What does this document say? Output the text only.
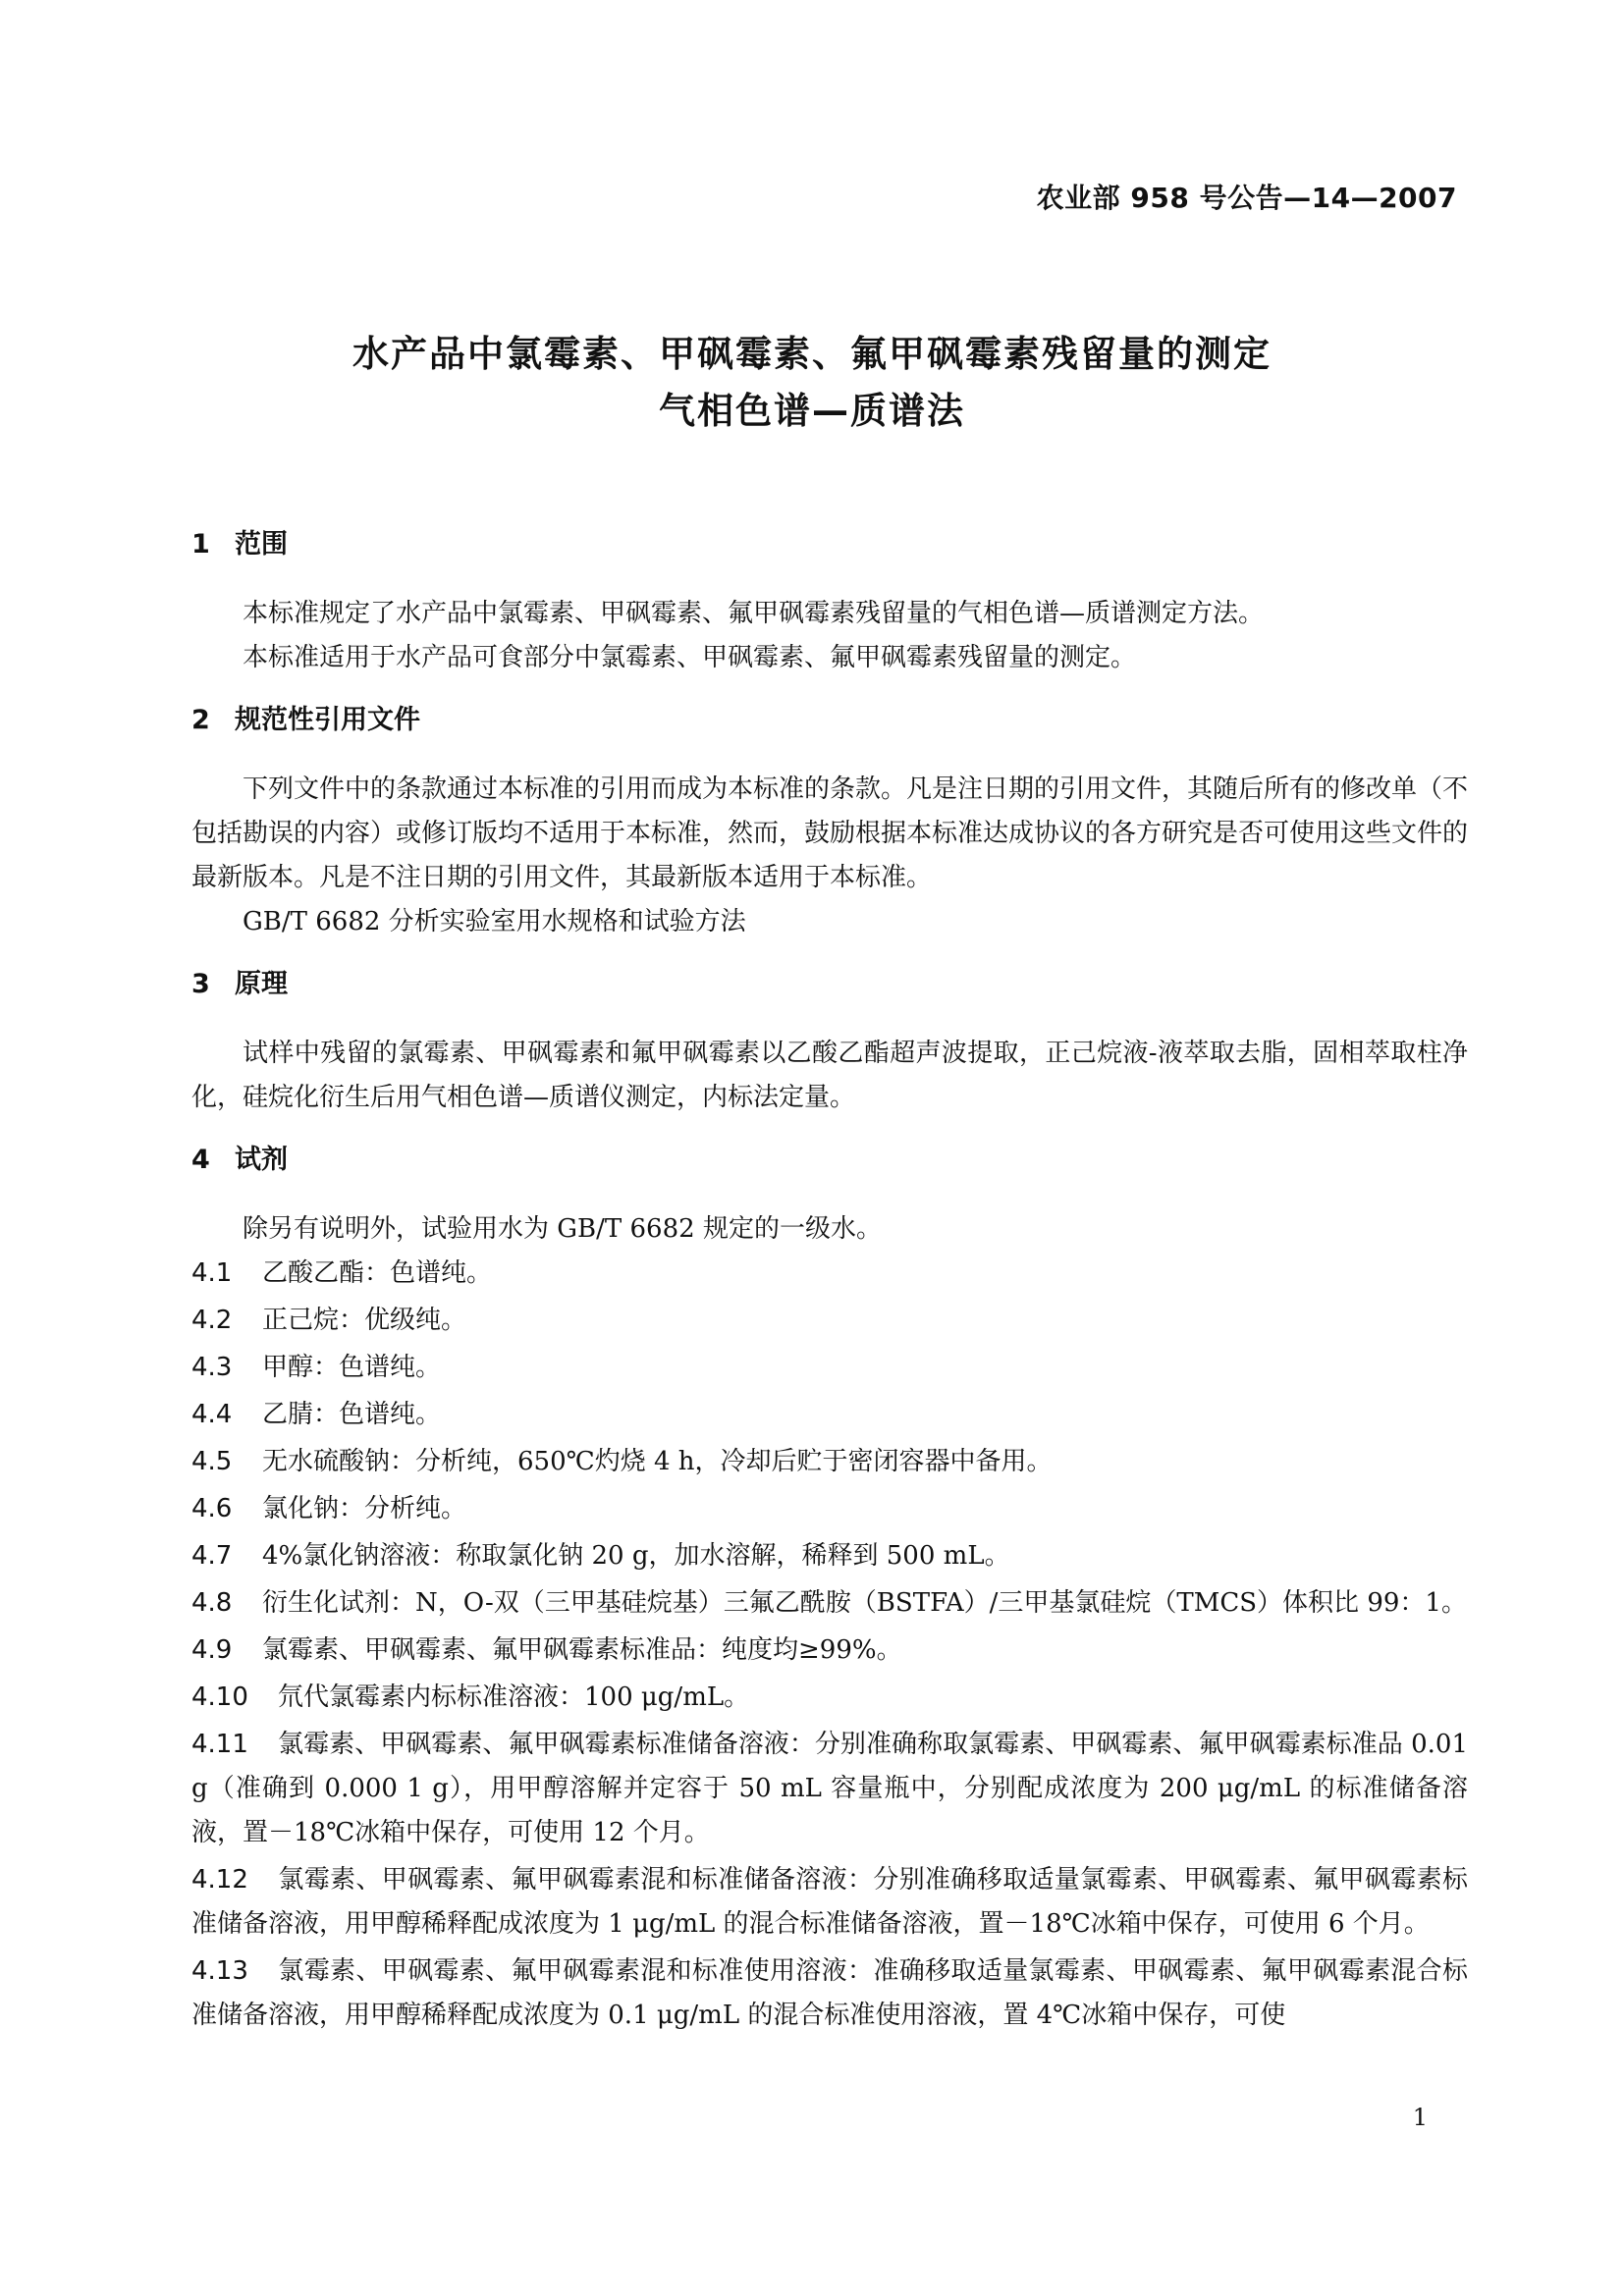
农业部 958 号公告—14—2007
水产品中氯霉素、甲砜霉素、氟甲砜霉素残留量的测定
气相色谱—质谱法
1 范围

本标准规定了水产品中氯霉素、甲砜霉素、氟甲砜霉素残留量的气相色谱—质谱测定方法。

本标准适用于水产品可食部分中氯霉素、甲砜霉素、氟甲砜霉素残留量的测定。

2 规范性引用文件

下列文件中的条款通过本标准的引用而成为本标准的条款。凡是注日期的引用文件，其随后所有的修改单（不包括勘误的内容）或修订版均不适用于本标准，然而，鼓励根据本标准达成协议的各方研究是否可使用这些文件的最新版本。凡是不注日期的引用文件，其最新版本适用于本标准。

GB/T 6682 分析实验室用水规格和试验方法

3 原理

试样中残留的氯霉素、甲砜霉素和氟甲砜霉素以乙酸乙酯超声波提取，正己烷液-液萃取去脂，固相萃取柱净化，硅烷化衍生后用气相色谱—质谱仪测定，内标法定量。

4 试剂

除另有说明外，试验用水为 GB/T 6682 规定的一级水。

4.1 乙酸乙酯：色谱纯。
4.2 正己烷：优级纯。
4.3 甲醇：色谱纯。
4.4 乙腈：色谱纯。
4.5 无水硫酸钠：分析纯，650℃灼烧 4 h，冷却后贮于密闭容器中备用。
4.6 氯化钠：分析纯。
4.7 4%氯化钠溶液：称取氯化钠 20 g，加水溶解，稀释到 500 mL。
4.8 衍生化试剂：N，O-双（三甲基硅烷基）三氟乙酰胺（BSTFA）/三甲基氯硅烷（TMCS）体积比 99：1。
4.9 氯霉素、甲砜霉素、氟甲砜霉素标准品：纯度均≥99%。
4.10 氘代氯霉素内标标准溶液：100 μg/mL。
4.11 氯霉素、甲砜霉素、氟甲砜霉素标准储备溶液：分别准确称取氯霉素、甲砜霉素、氟甲砜霉素标准品 0.01 g（准确到 0.000 1 g），用甲醇溶解并定容于 50 mL 容量瓶中，分别配成浓度为 200 μg/mL 的标准储备溶液，置－18℃冰箱中保存，可使用 12 个月。
4.12 氯霉素、甲砜霉素、氟甲砜霉素混和标准储备溶液：分别准确移取适量氯霉素、甲砜霉素、氟甲砜霉素标准储备溶液，用甲醇稀释配成浓度为 1 μg/mL 的混合标准储备溶液，置－18℃冰箱中保存，可使用 6 个月。
4.13 氯霉素、甲砜霉素、氟甲砜霉素混和标准使用溶液：准确移取适量氯霉素、甲砜霉素、氟甲砜霉素混合标准储备溶液，用甲醇稀释配成浓度为 0.1 μg/mL 的混合标准使用溶液，置 4℃冰箱中保存，可使
1
